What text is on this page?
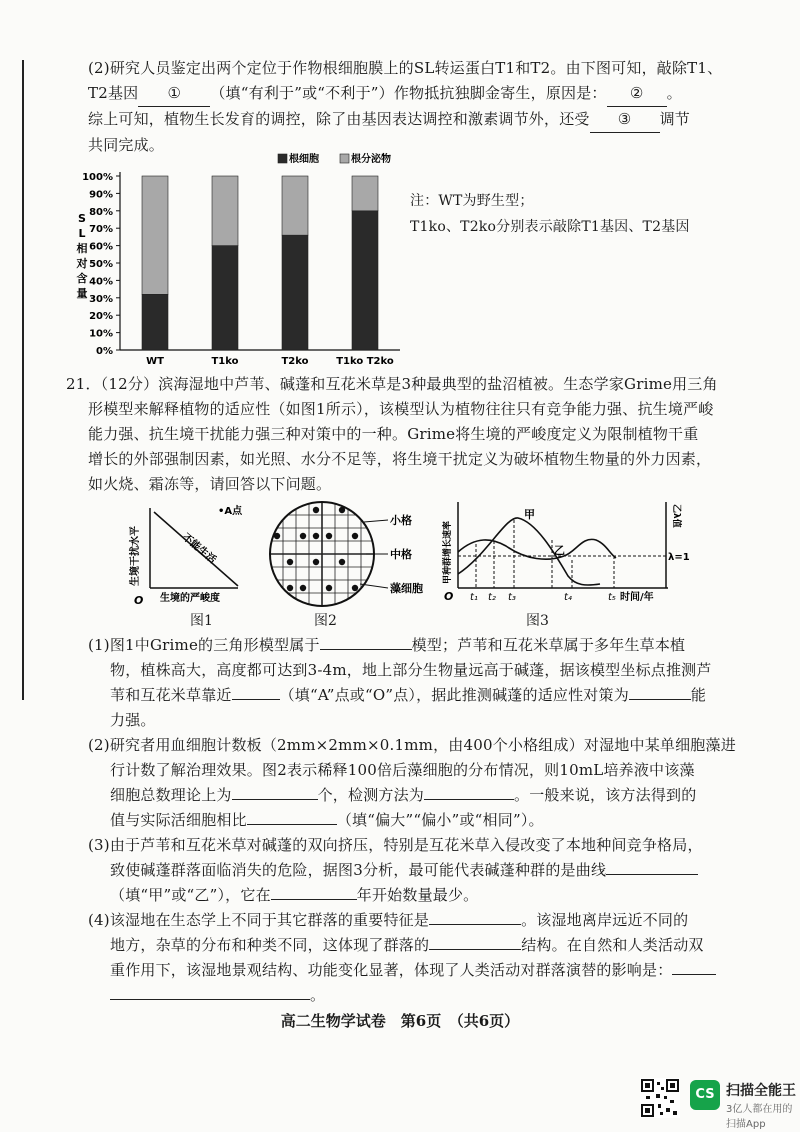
(2)研究人员鉴定出两个定位于作物根细胞膜上的SL转运蛋白T1和T2。由下图可知，敲除T1、
T2基因 ① （填“有利于”或“不利于”）作物抵抗独脚金寄生，原因是： ② 。
综上可知，植物生长发育的调控，除了由基因表达调控和激素调节外，还受 ③ 调节
共同完成。
0%
10%
20%
30%
40%
50%
60%
70%
80%
90%
100%
S
L
相
对
含
量
WT	T1ko	T2ko	T1ko T2ko
根细胞	根分泌物
注：WT为野生型；
T1ko、T2ko分别表示敲除T1基因、T2基因
21．（12分）滨海湿地中芦苇、碱蓬和互花米草是3种最典型的盐沼植被。生态学家Grime用三角
形模型来解释植物的适应性（如图1所示），该模型认为植物往往只有竞争能力强、抗生境严峻
能力强、抗生境干扰能力强三种对策中的一种。Grime将生境的严峻度定义为限制植物干重
增长的外部强制因素，如光照、水分不足等，将生境干扰定义为破坏植物生物量的外力因素，
如火烧、霜冻等，请回答以下问题。
•A点
生境干扰水平	不能生活
生境的严峻度
O
图1
小格
中格
藻细胞
图2
甲种群增长速率
乙λ值
甲
乙
λ=1
O t₁ t₂ t₃	t₄	t₅ 时间/年
图3
(1)图1中Grime的三角形模型属于	模型；芦苇和互花米草属于多年生草本植
物，植株高大，高度都可达到3-4m，地上部分生物量远高于碱蓬，据该模型坐标点推测芦
苇和互花米草靠近	（填“A”点或“O”点），据此推测碱蓬的适应性对策为	能
力强。
(2)研究者用血细胞计数板（2mm×2mm×0.1mm，由400个小格组成）对湿地中某单细胞藻进
行计数了解治理效果。图2表示稀释100倍后藻细胞的分布情况，则10mL培养液中该藻
细胞总数理论上为	个，检测方法为	。一般来说，该方法得到的
值与实际活细胞相比	（填“偏大”“偏小”或“相同”）。
(3)由于芦苇和互花米草对碱蓬的双向挤压，特别是互花米草入侵改变了本地种间竞争格局，
致使碱蓬群落面临消失的危险，据图3分析，最可能代表碱蓬种群的是曲线
（填“甲”或“乙”），它在	年开始数量最少。
(4)该湿地在生态学上不同于其它群落的重要特征是	。该湿地离岸远近不同的
地方，杂草的分布和种类不同，这体现了群落的	结构。在自然和人类活动双
重作用下，该湿地景观结构、功能变化显著，体现了人类活动对群落演替的影响是：
。
高二生物学试卷　第6页　（共6页）
CS 扫描全能王
3亿人都在用的扫描App
